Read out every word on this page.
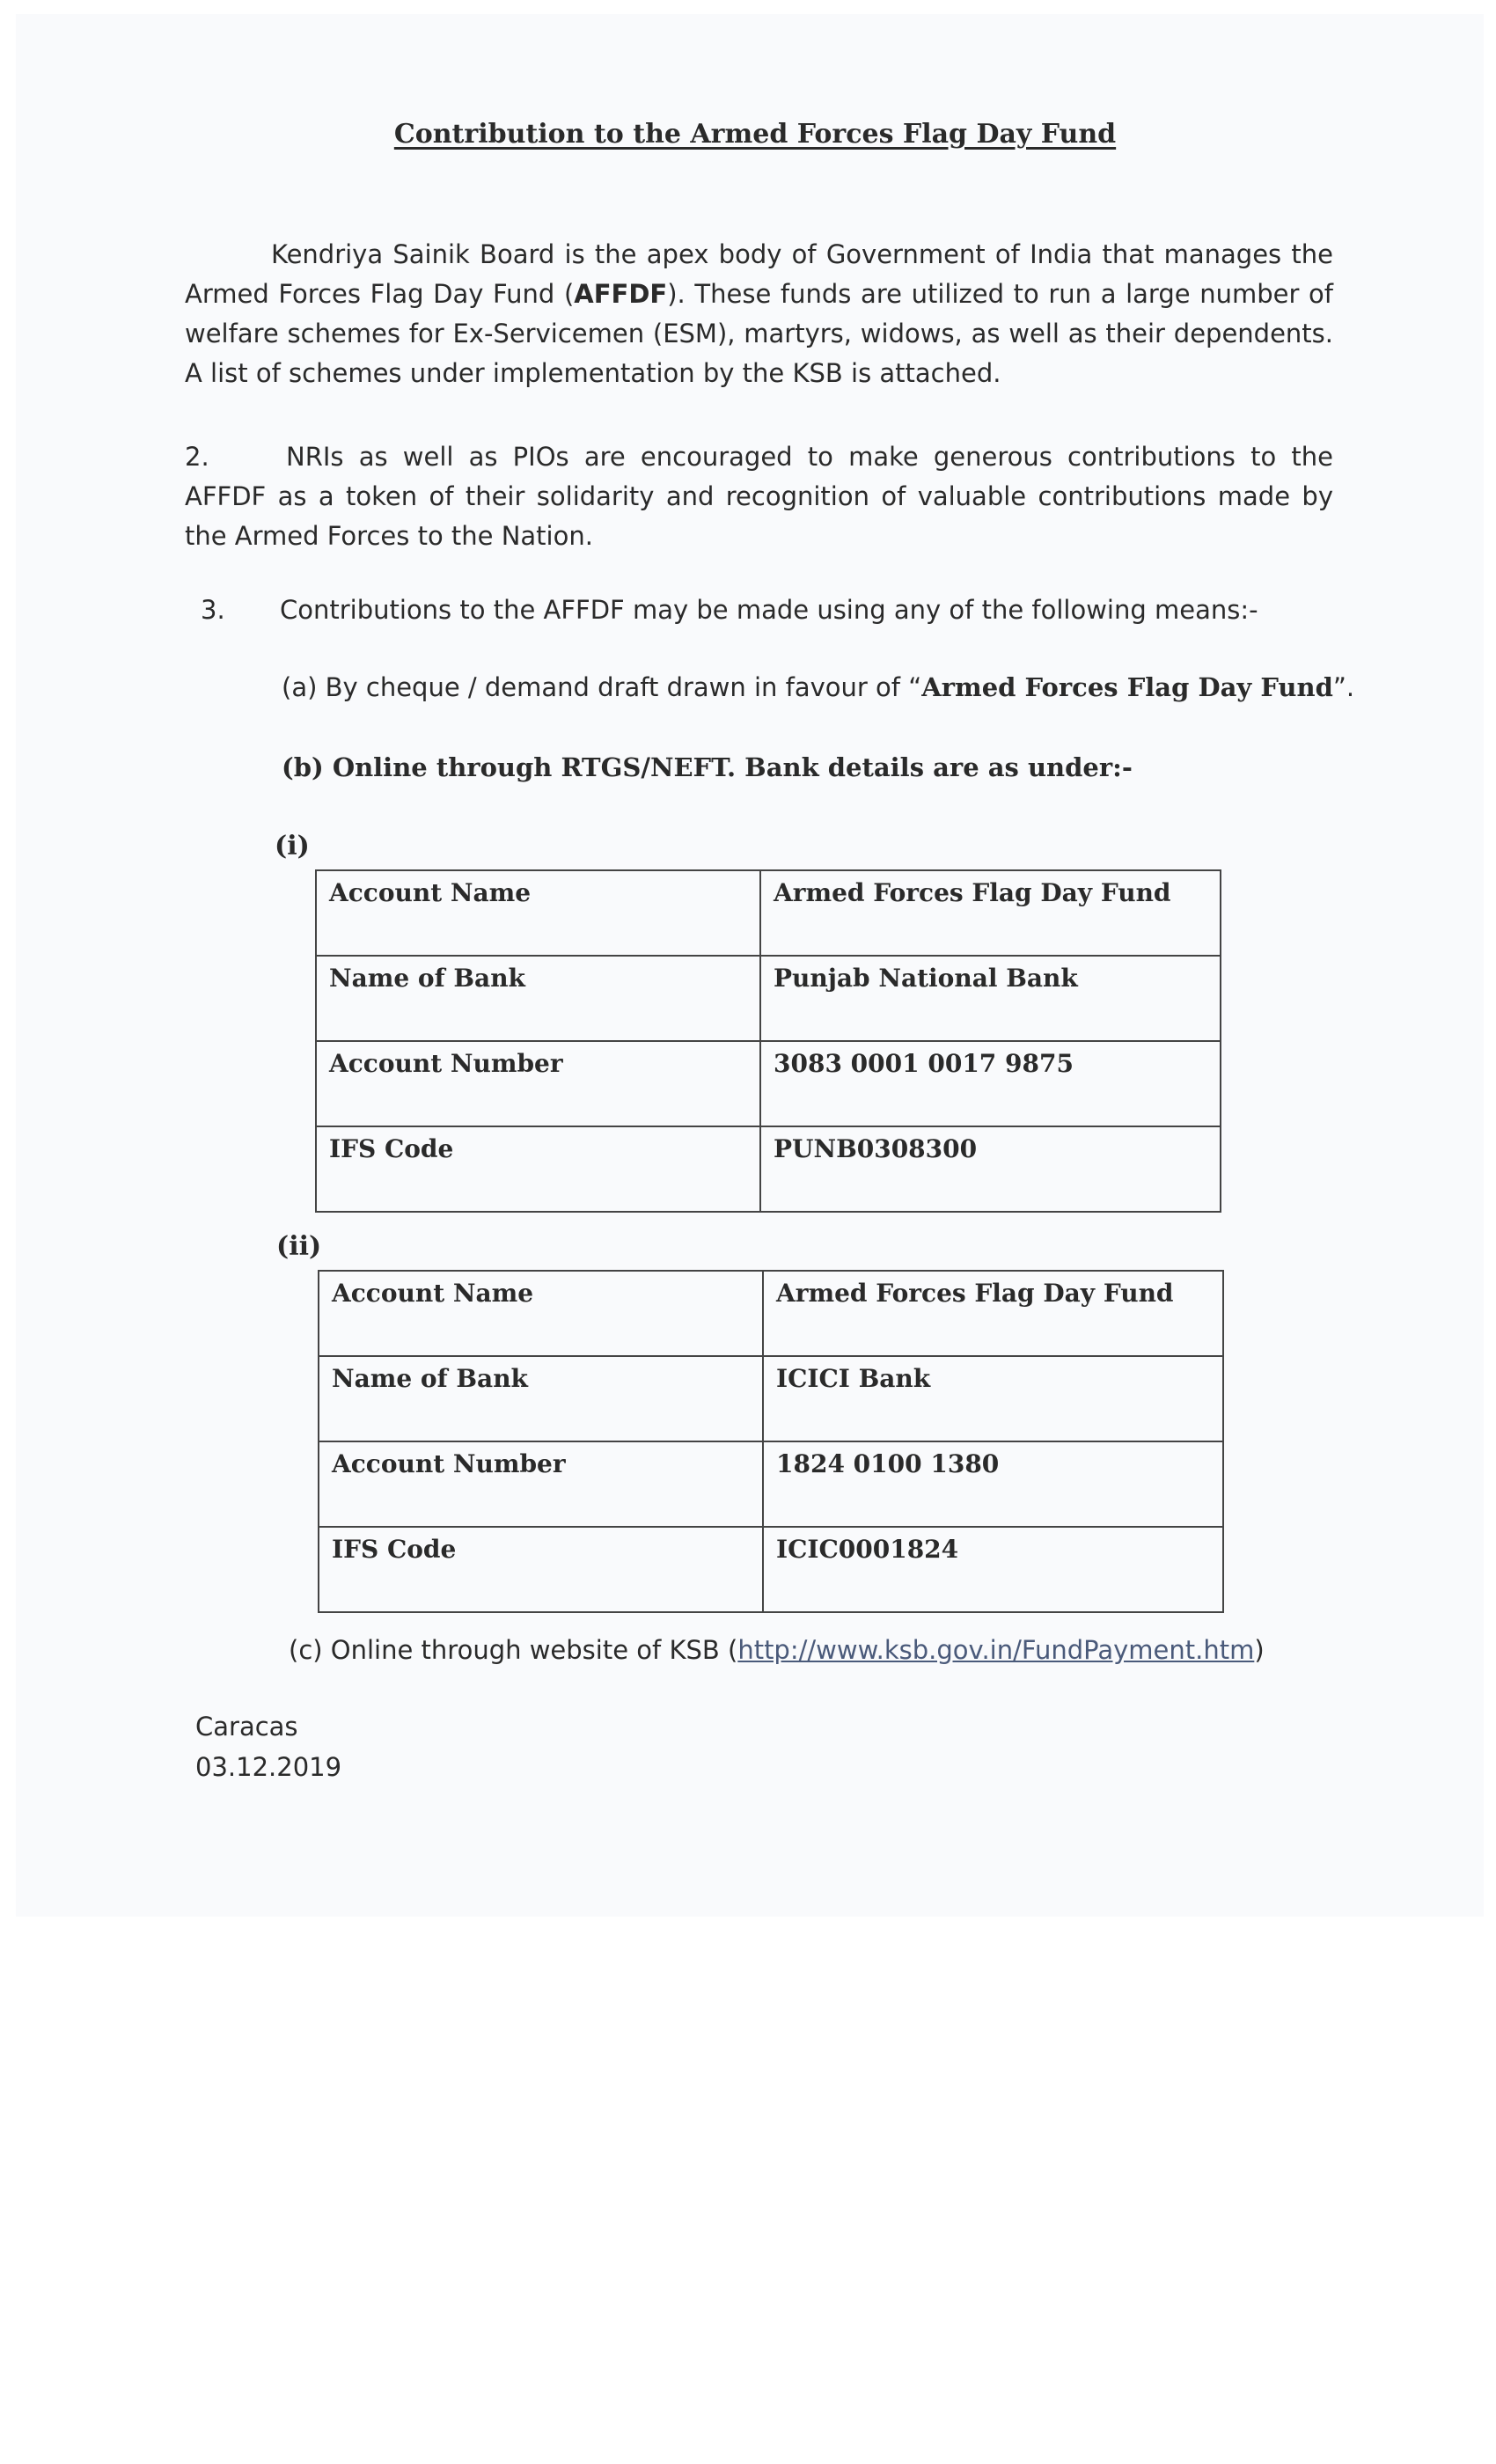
Contribution to the Armed Forces Flag Day Fund

Kendriya Sainik Board is the apex body of Government of India that manages the Armed Forces Flag Day Fund (AFFDF). These funds are utilized to run a large number of welfare schemes for Ex-Servicemen (ESM), martyrs, widows, as well as their dependents. A list of schemes under implementation by the KSB is attached.

2.	NRIs as well as PIOs are encouraged to make generous contributions to the AFFDF as a token of their solidarity and recognition of valuable contributions made by the Armed Forces to the Nation.

3. Contributions to the AFFDF may be made using any of the following means:-
(a) By cheque / demand draft drawn in favour of “Armed Forces Flag Day Fund”.
(b) Online through RTGS/NEFT. Bank details are as under:-
(i)
Account Name	Armed Forces Flag Day Fund
Name of Bank	Punjab National Bank
Account Number	3083 0001 0017 9875
IFS Code	PUNB0308300
(ii)
Account Name	Armed Forces Flag Day Fund
Name of Bank	ICICI Bank
Account Number	1824 0100 1380
IFS Code	ICIC0001824
(c) Online through website of KSB (http://www.ksb.gov.in/FundPayment.htm)
Caracas
03.12.2019
